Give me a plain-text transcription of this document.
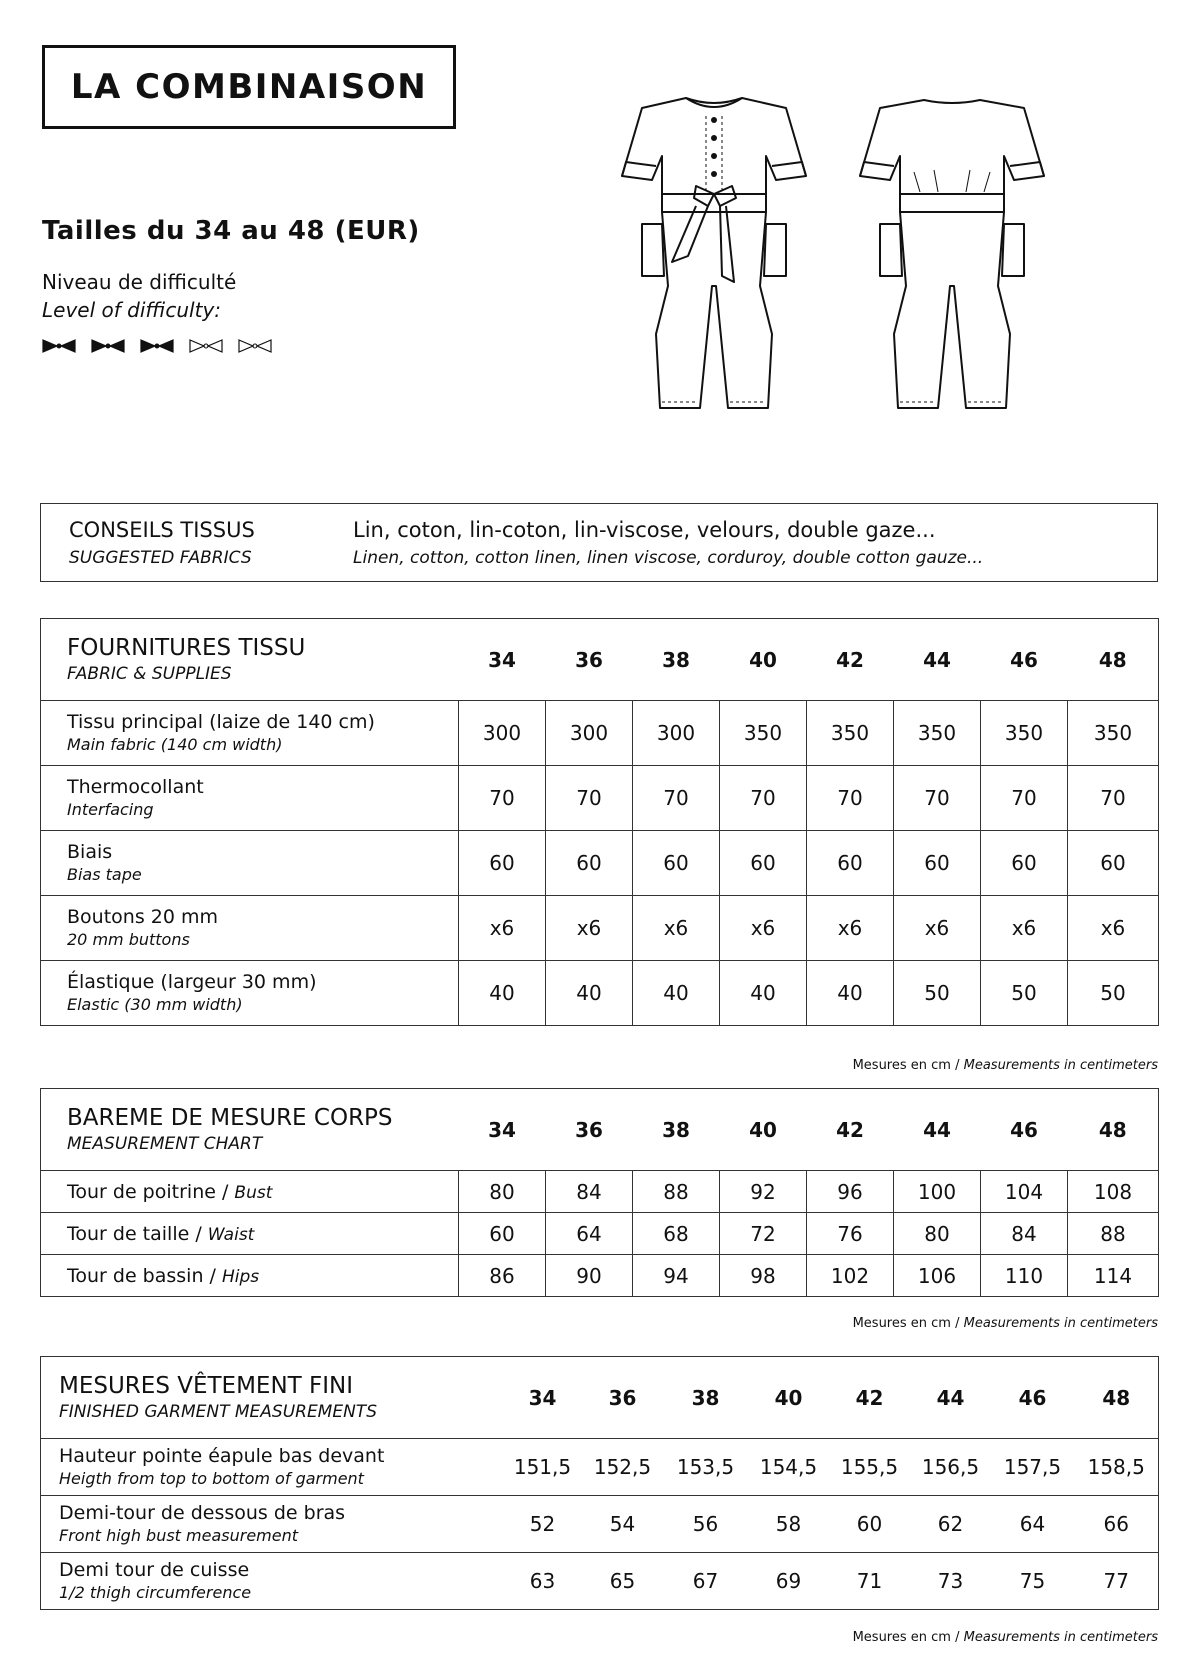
LA COMBINAISON
Tailles du 34 au 48 (EUR)
Niveau de difficulté
Level of difficulty:
CONSEILS TISSUS
SUGGESTED FABRICS
Lin, coton, lin-coton, lin-viscose, velours, double gaze...
Linen, cotton, cotton linen, linen viscose, corduroy, double cotton gauze...
FOURNITURES TISSU
FABRIC & SUPPLIES	34	36	38	40	42	44	46	48

Tissu principal (laize de 140 cm)
Main fabric (140 cm width)	300	300	300	350	350	350	350	350

Thermocollant
Interfacing	70	70	70	70	70	70	70	70

Biais
Bias tape	60	60	60	60	60	60	60	60

Boutons 20 mm
20 mm buttons	x6	x6	x6	x6	x6	x6	x6	x6

Élastique (largeur 30 mm)
Elastic (30 mm width)	40	40	40	40	40	50	50	50
Mesures en cm / Measurements in centimeters
BAREME DE MESURE CORPS
MEASUREMENT CHART	34	36	38	40	42	44	46	48
Tour de poitrine / Bust	80	84	88	92	96	100	104	108
Tour de taille / Waist	60	64	68	72	76	80	84	88
Tour de bassin / Hips	86	90	94	98	102	106	110	114
Mesures en cm / Measurements in centimeters
MESURES VÊTEMENT FINI
FINISHED GARMENT MEASUREMENTS	34	36	38	40	42	44	46	48

Hauteur pointe éapule bas devant
Heigth from top to bottom of garment	151,5	152,5	153,5	154,5	155,5	156,5	157,5	158,5

Demi-tour de dessous de bras
Front high bust measurement	52	54	56	58	60	62	64	66

Demi tour de cuisse
1/2 thigh circumference	63	65	67	69	71	73	75	77
Mesures en cm / Measurements in centimeters
